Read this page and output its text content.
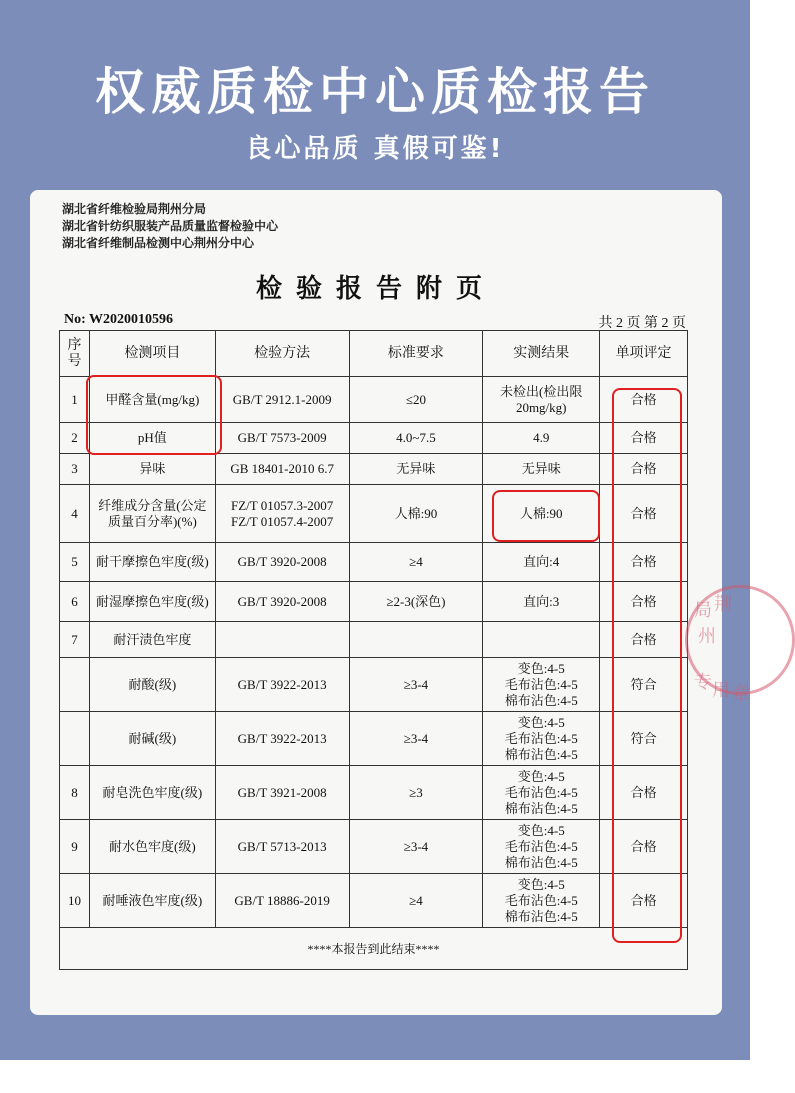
权威质检中心质检报告
良心品质 真假可鉴!
湖北省纤维检验局荆州分局
湖北省针纺织服装产品质量监督检验中心
湖北省纤维制品检测中心荆州分中心
检验报告附页
No: W2020010596	共 2 页 第 2 页
序号	检测项目	检验方法	标准要求	实测结果	单项评定
1	甲醛含量(mg/kg)	GB/T 2912.1-2009	≤20	未检出(检出限20mg/kg)	合格
2	pH值	GB/T 7573-2009	4.0~7.5	4.9	合格
3	异味	GB 18401-2010 6.7	无异味	无异味	合格
4	纤维成分含量(公定质量百分率)(%)	FZ/T 01057.3-2007 FZ/T 01057.4-2007	人棉:90	人棉:90	合格
5	耐干摩擦色牢度(级)	GB/T 3920-2008	≥4	直向:4	合格
6	耐湿摩擦色牢度(级)	GB/T 3920-2008	≥2-3(深色)	直向:3	合格
7	耐汗渍色牢度				合格
	耐酸(级)	GB/T 3922-2013	≥3-4	变色:4-5
毛布沾色:4-5
棉布沾色:4-5	符合
	耐碱(级)	GB/T 3922-2013	≥3-4	变色:4-5
毛布沾色:4-5
棉布沾色:4-5	符合
8	耐皂洗色牢度(级)	GB/T 3921-2008	≥3	变色:4-5
毛布沾色:4-5
棉布沾色:4-5	合格
9	耐水色牢度(级)	GB/T 5713-2013	≥3-4	变色:4-5
毛布沾色:4-5
棉布沾色:4-5	合格
10	耐唾液色牢度(级)	GB/T 18886-2019	≥4	变色:4-5
毛布沾色:4-5
棉布沾色:4-5	合格
****本报告到此结束****					
局 荆
州
专 用 章
